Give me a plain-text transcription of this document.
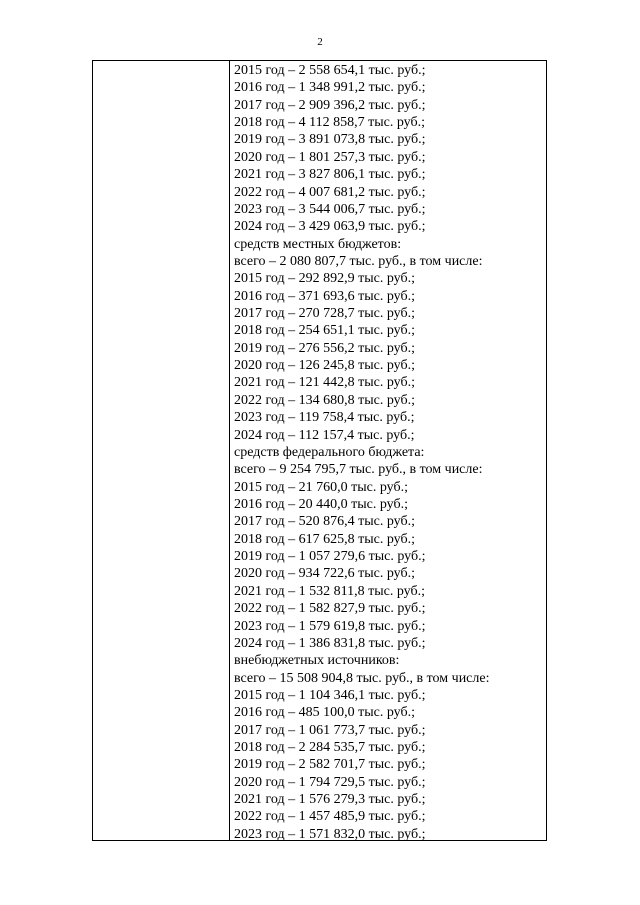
2
2015 год – 2 558 654,1 тыс. руб.;
2016 год – 1 348 991,2 тыс. руб.;
2017 год – 2 909 396,2 тыс. руб.;
2018 год – 4 112 858,7 тыс. руб.;
2019 год – 3 891 073,8 тыс. руб.;
2020 год – 1 801 257,3 тыс. руб.;
2021 год – 3 827 806,1 тыс. руб.;
2022 год – 4 007 681,2 тыс. руб.;
2023 год – 3 544 006,7 тыс. руб.;
2024 год – 3 429 063,9 тыс. руб.;
средств местных бюджетов:
всего – 2 080 807,7 тыс. руб., в том числе:
2015 год – 292 892,9 тыс. руб.;
2016 год – 371 693,6 тыс. руб.;
2017 год – 270 728,7 тыс. руб.;
2018 год – 254 651,1 тыс. руб.;
2019 год – 276 556,2 тыс. руб.;
2020 год – 126 245,8 тыс. руб.;
2021 год – 121 442,8 тыс. руб.;
2022 год – 134 680,8 тыс. руб.;
2023 год – 119 758,4 тыс. руб.;
2024 год – 112 157,4 тыс. руб.;
средств федерального бюджета:
всего – 9 254 795,7 тыс. руб., в том числе:
2015 год – 21 760,0 тыс. руб.;
2016 год – 20 440,0 тыс. руб.;
2017 год – 520 876,4 тыс. руб.;
2018 год – 617 625,8 тыс. руб.;
2019 год – 1 057 279,6 тыс. руб.;
2020 год – 934 722,6 тыс. руб.;
2021 год – 1 532 811,8 тыс. руб.;
2022 год – 1 582 827,9 тыс. руб.;
2023 год – 1 579 619,8 тыс. руб.;
2024 год – 1 386 831,8 тыс. руб.;
внебюджетных источников:
всего – 15 508 904,8 тыс. руб., в том числе:
2015 год – 1 104 346,1 тыс. руб.;
2016 год – 485 100,0 тыс. руб.;
2017 год – 1 061 773,7 тыс. руб.;
2018 год – 2 284 535,7 тыс. руб.;
2019 год – 2 582 701,7 тыс. руб.;
2020 год – 1 794 729,5 тыс. руб.;
2021 год – 1 576 279,3 тыс. руб.;
2022 год – 1 457 485,9 тыс. руб.;
2023 год – 1 571 832,0 тыс. руб.;
